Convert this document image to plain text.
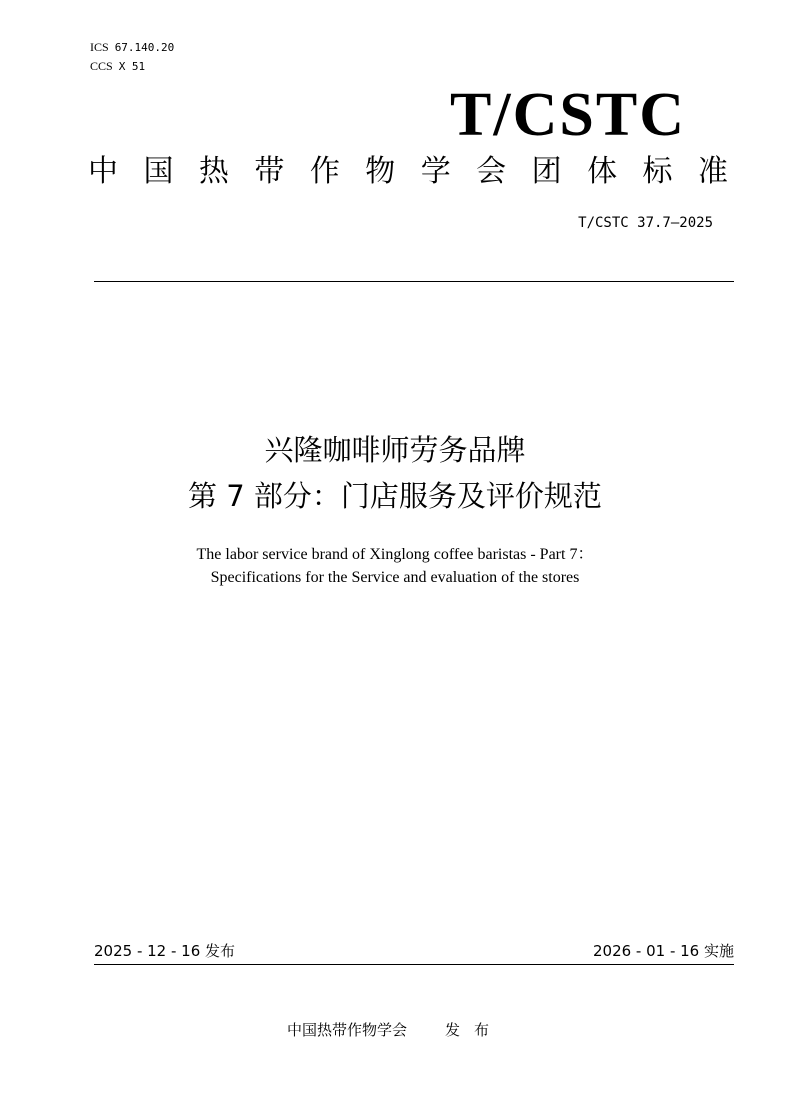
ICS 67.140.20
CCS X 51
T/CSTC
中国热带作物学会团体标准
T/CSTC 37.7—2025
兴隆咖啡师劳务品牌
第 7 部分：门店服务及评价规范
The labor service brand of Xinglong coffee baristas - Part 7：
Specifications for the Service and evaluation of the stores
2025 - 12 - 16 发布	2026 - 01 - 16 实施
中国热带作物学会	发布
